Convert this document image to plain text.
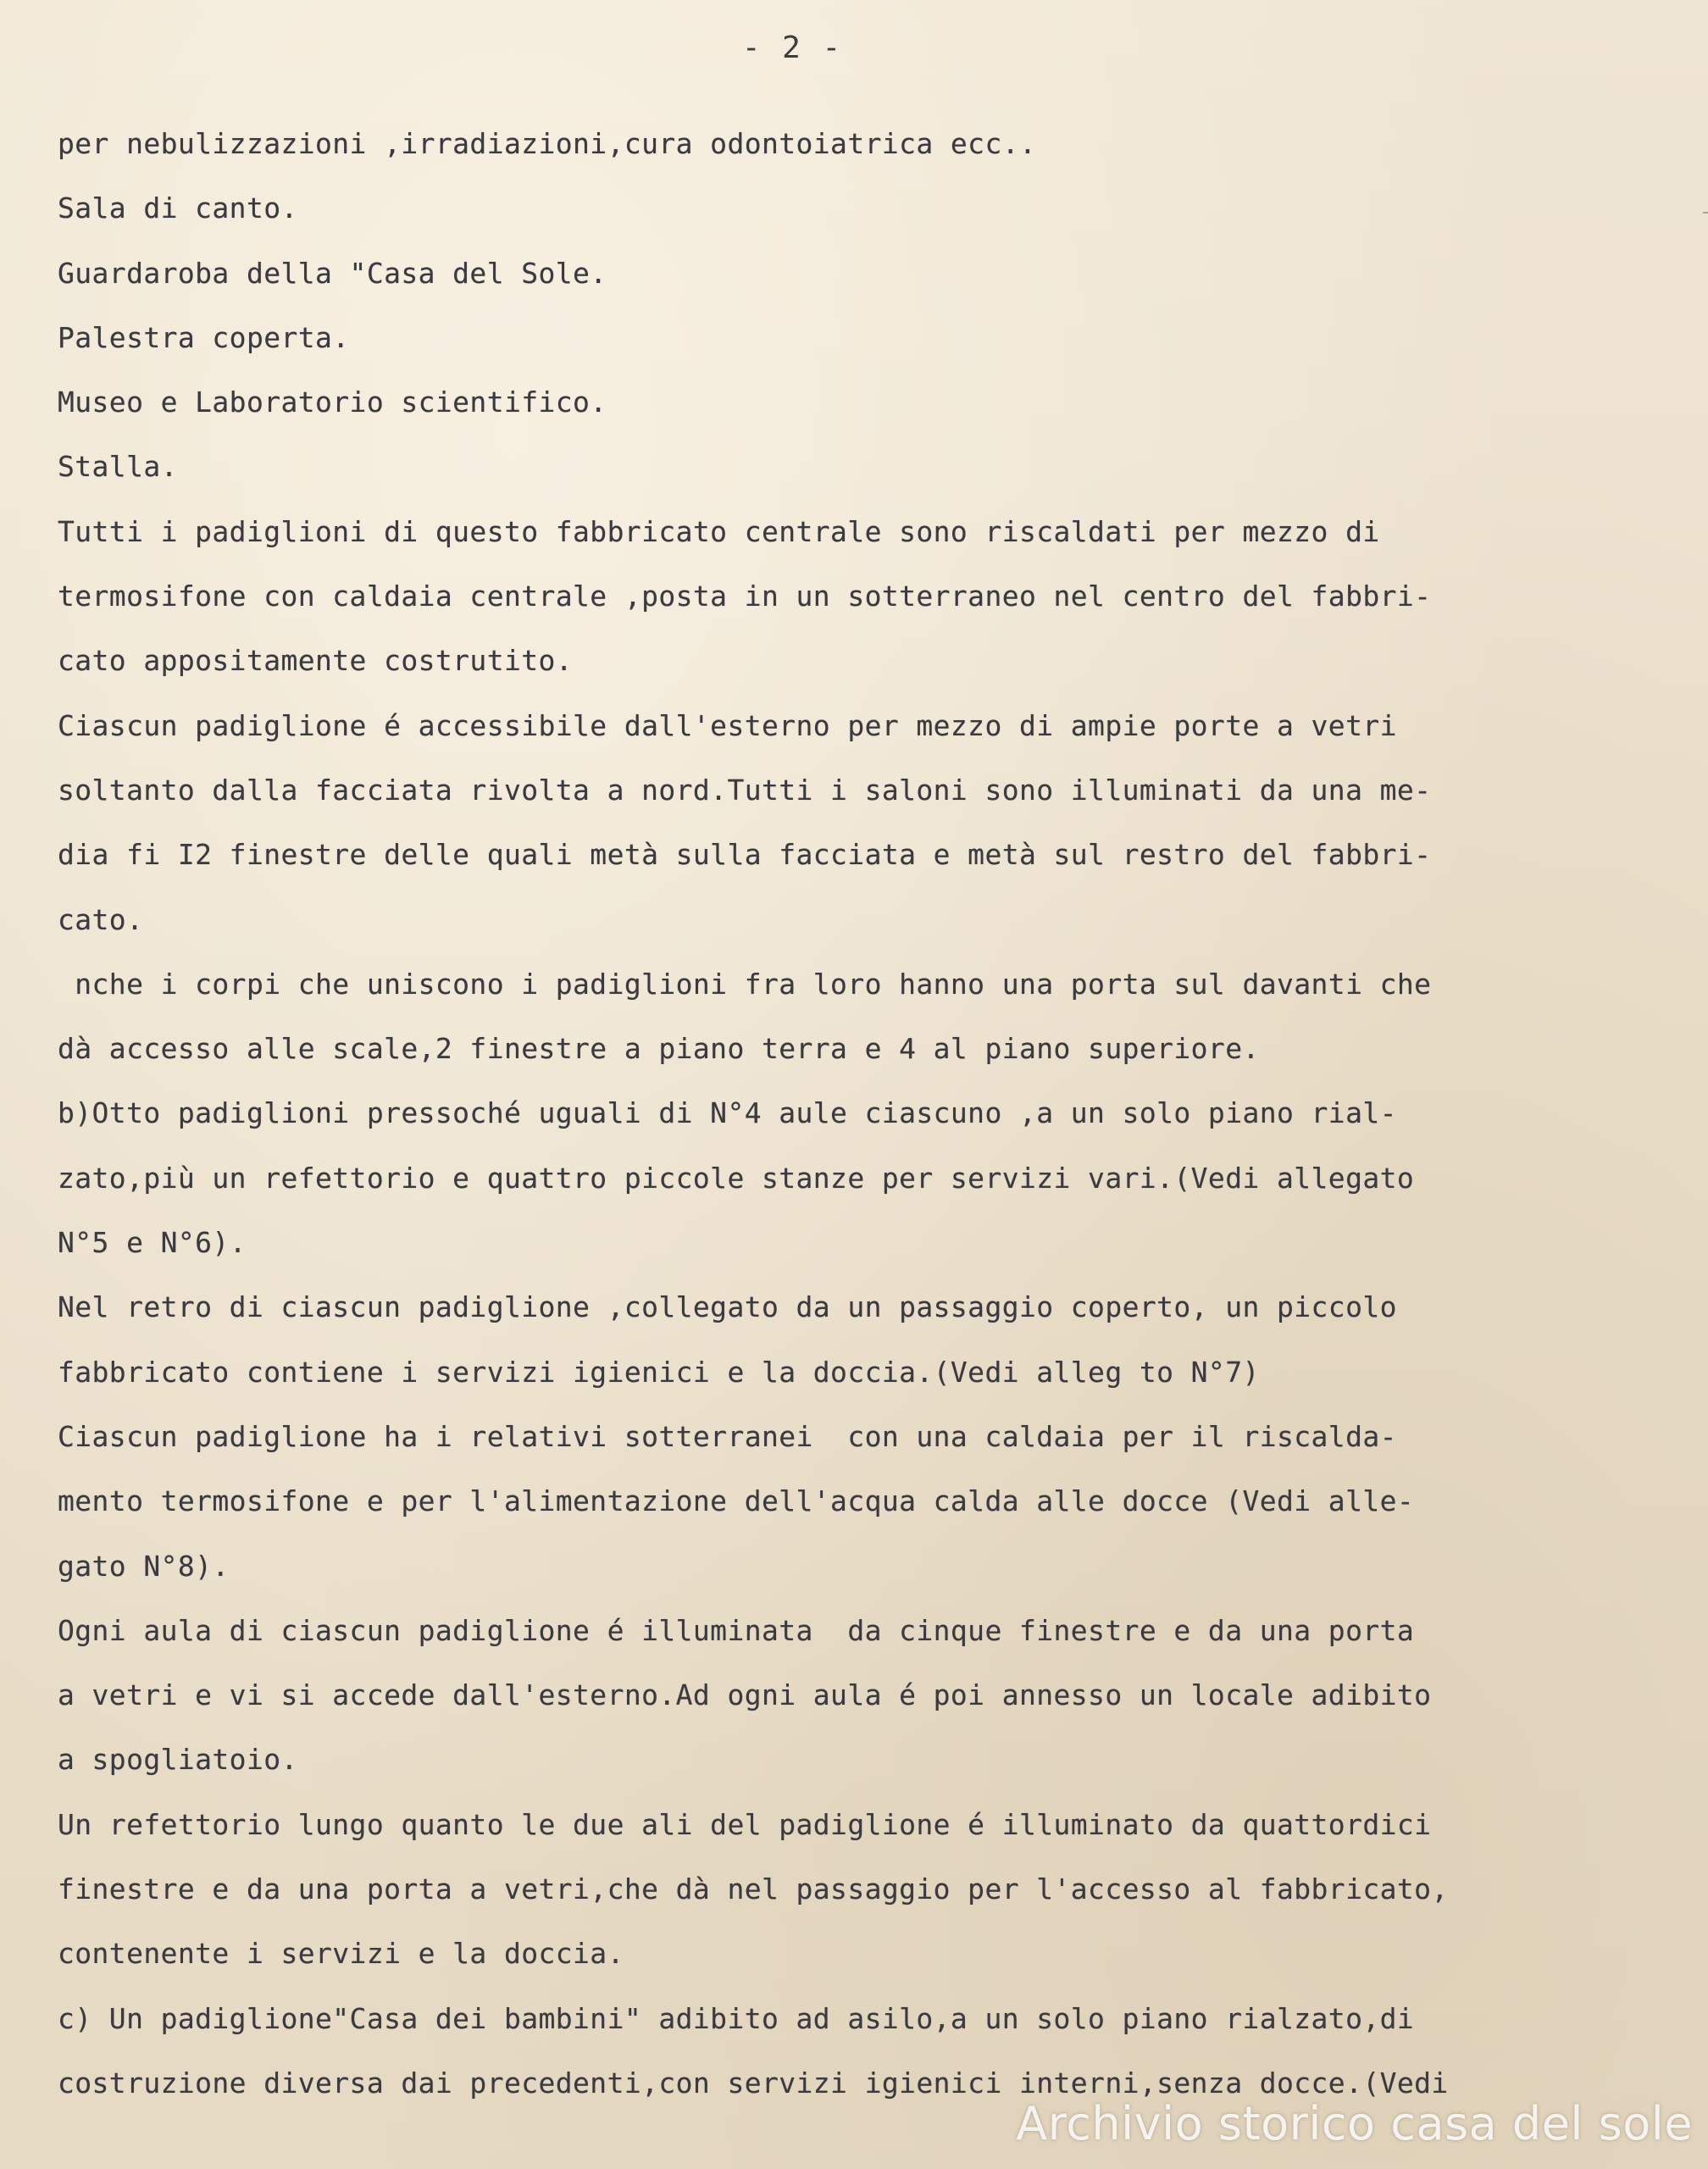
- 2 -
per nebulizzazioni ,irradiazioni,cura odontoiatrica ecc..
Sala di canto.
Guardaroba della "Casa del Sole.
Palestra coperta.
Museo e Laboratorio scientifico.
Stalla.
Tutti i padiglioni di questo fabbricato centrale sono riscaldati per mezzo di
termosifone con caldaia centrale ,posta in un sotterraneo nel centro del fabbri-
cato appositamente costrutito.
Ciascun padiglione é accessibile dall'esterno per mezzo di ampie porte a vetri
soltanto dalla facciata rivolta a nord.Tutti i saloni sono illuminati da una me-
dia fi I2 finestre delle quali metà sulla facciata e metà sul restro del fabbri-
cato.
nche i corpi che uniscono i padiglioni fra loro hanno una porta sul davanti che
dà accesso alle scale,2 finestre a piano terra e 4 al piano superiore.
b)Otto padiglioni pressoché uguali di N°4 aule ciascuno ,a un solo piano rial-
zato,più un refettorio e quattro piccole stanze per servizi vari.(Vedi allegato
N°5 e N°6).
Nel retro di ciascun padiglione ,collegato da un passaggio coperto, un piccolo
fabbricato contiene i servizi igienici e la doccia.(Vedi alleg to N°7)
Ciascun padiglione ha i relativi sotterranei  con una caldaia per il riscalda-
mento termosifone e per l'alimentazione dell'acqua calda alle docce (Vedi alle-
gato N°8).
Ogni aula di ciascun padiglione é illuminata  da cinque finestre e da una porta
a vetri e vi si accede dall'esterno.Ad ogni aula é poi annesso un locale adibito
a spogliatoio.
Un refettorio lungo quanto le due ali del padiglione é illuminato da quattordici
finestre e da una porta a vetri,che dà nel passaggio per l'accesso al fabbricato,
contenente i servizi e la doccia.
c) Un padiglione"Casa dei bambini" adibito ad asilo,a un solo piano rialzato,di
costruzione diversa dai precedenti,con servizi igienici interni,senza docce.(Vedi
Archivio storico casa del sole
